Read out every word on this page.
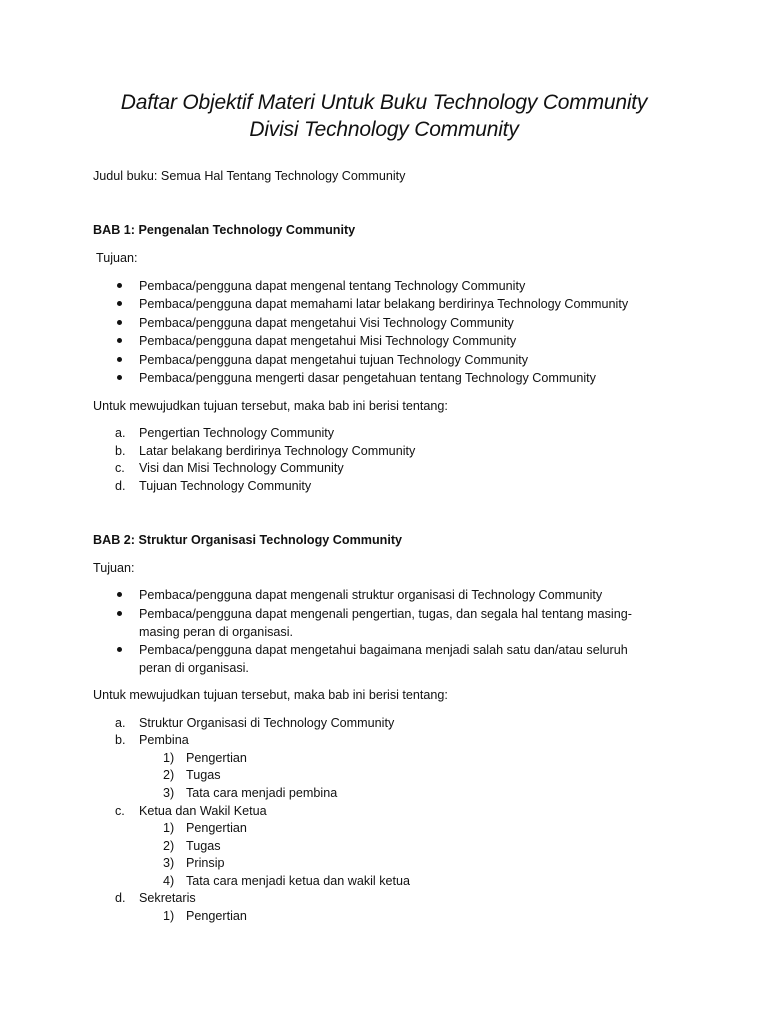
Daftar Objektif Materi Untuk Buku Technology Community
Divisi Technology Community
Judul buku: Semua Hal Tentang Technology Community
BAB 1: Pengenalan Technology Community
Tujuan:
Pembaca/pengguna dapat mengenal tentang Technology Community
Pembaca/pengguna dapat memahami latar belakang berdirinya Technology Community
Pembaca/pengguna dapat mengetahui Visi Technology Community
Pembaca/pengguna dapat mengetahui Misi Technology Community
Pembaca/pengguna dapat mengetahui tujuan Technology Community
Pembaca/pengguna mengerti dasar pengetahuan tentang Technology Community
Untuk mewujudkan tujuan tersebut, maka bab ini berisi tentang:
a. Pengertian Technology Community
b. Latar belakang berdirinya Technology Community
c. Visi dan Misi Technology Community
d. Tujuan Technology Community
BAB 2: Struktur Organisasi Technology Community
Tujuan:
Pembaca/pengguna dapat mengenali struktur organisasi di Technology Community
Pembaca/pengguna dapat mengenali pengertian, tugas, dan segala hal tentang masing-
masing peran di organisasi.
Pembaca/pengguna dapat mengetahui bagaimana menjadi salah satu dan/atau seluruh
peran di organisasi.
Untuk mewujudkan tujuan tersebut, maka bab ini berisi tentang:
a. Struktur Organisasi di Technology Community
b. Pembina
1) Pengertian
2) Tugas
3) Tata cara menjadi pembina
c. Ketua dan Wakil Ketua
1) Pengertian
2) Tugas
3) Prinsip
4) Tata cara menjadi ketua dan wakil ketua
d. Sekretaris
1) Pengertian
